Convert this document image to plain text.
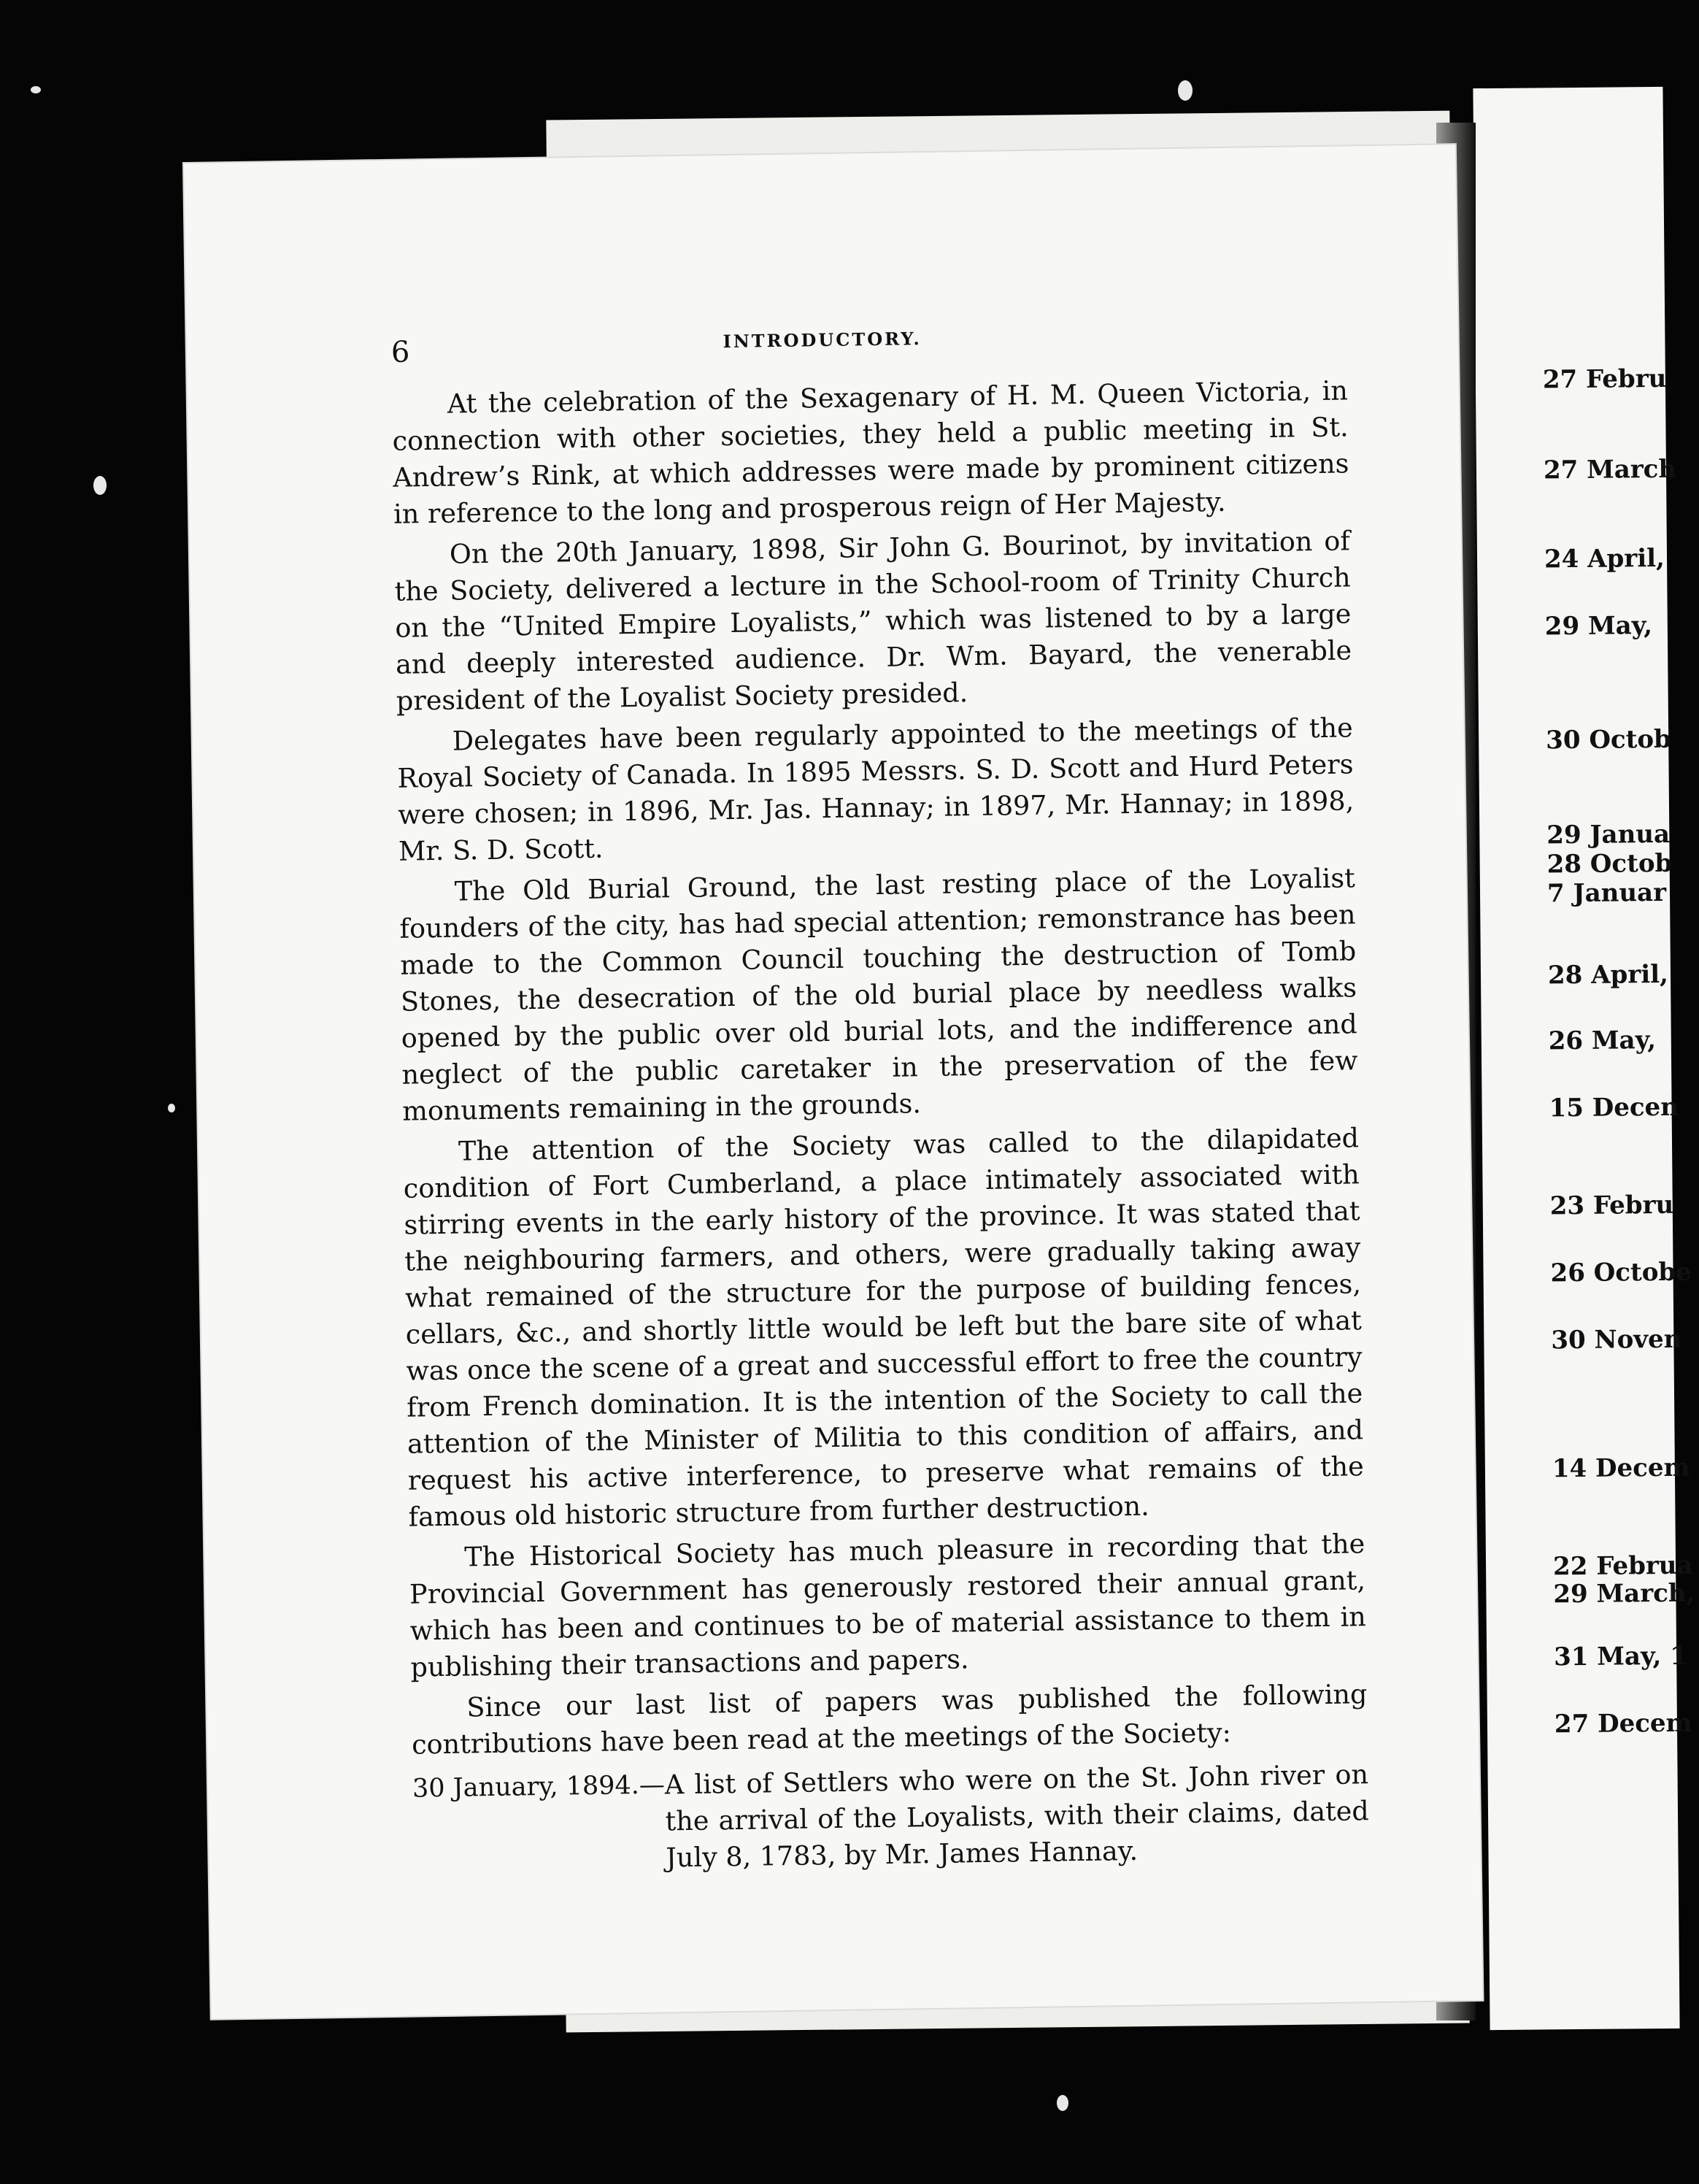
27 Febru
27 March
24 April,
29 May,
30 Octob
29 Janua
28 Octob
7 Januar
28 April,
26 May,
15 Decen
23 Febru
26 Octobe
30 Noven
14 Decem
22 Februa
29 March,
31 May, 1
27 Decem
6	INTRODUCTORY.

At the celebration of the Sexagenary of H. M. Queen Victoria, in connection with other societies, they held a public meeting in St. Andrew’s Rink, at which addresses were made by prominent citizens in reference to the long and prosperous reign of Her Majesty.

On the 20th January, 1898, Sir John G. Bourinot, by invitation of the Society, delivered a lecture in the School-room of Trinity Church on the “United Empire Loyalists,” which was listened to by a large and deeply interested audience. Dr. Wm. Bayard, the venerable president of the Loyalist Society presided.

Delegates have been regularly appointed to the meetings of the Royal Society of Canada. In 1895 Messrs. S. D. Scott and Hurd Peters were chosen; in 1896, Mr. Jas. Hannay; in 1897, Mr. Hannay; in 1898, Mr. S. D. Scott.

The Old Burial Ground, the last resting place of the Loyalist founders of the city, has had special attention; remonstrance has been made to the Common Council touching the destruction of Tomb Stones, the desecration of the old burial place by needless walks opened by the public over old burial lots, and the indifference and neglect of the public caretaker in the preservation of the few monuments remaining in the grounds.

The attention of the Society was called to the dilapidated condition of Fort Cumberland, a place intimately associated with stirring events in the early history of the province. It was stated that the neighbouring farmers, and others, were gradually taking away what remained of the structure for the purpose of building fences, cellars, &c., and shortly little would be left but the bare site of what was once the scene of a great and successful effort to free the country from French domination. It is the intention of the Society to call the attention of the Minister of Militia to this condition of affairs, and request his active interference, to preserve what remains of the famous old historic structure from further destruction.

The Historical Society has much pleasure in recording that the Provincial Government has generously restored their annual grant, which has been and continues to be of material assistance to them in publishing their transactions and papers.

Since our last list of papers was published the following contributions have been read at the meetings of the Society:

30 January, 1894.— A list of Settlers who were on the St. John river on the arrival of the Loyalists, with their claims, dated July 8, 1783, by Mr. James Hannay.
